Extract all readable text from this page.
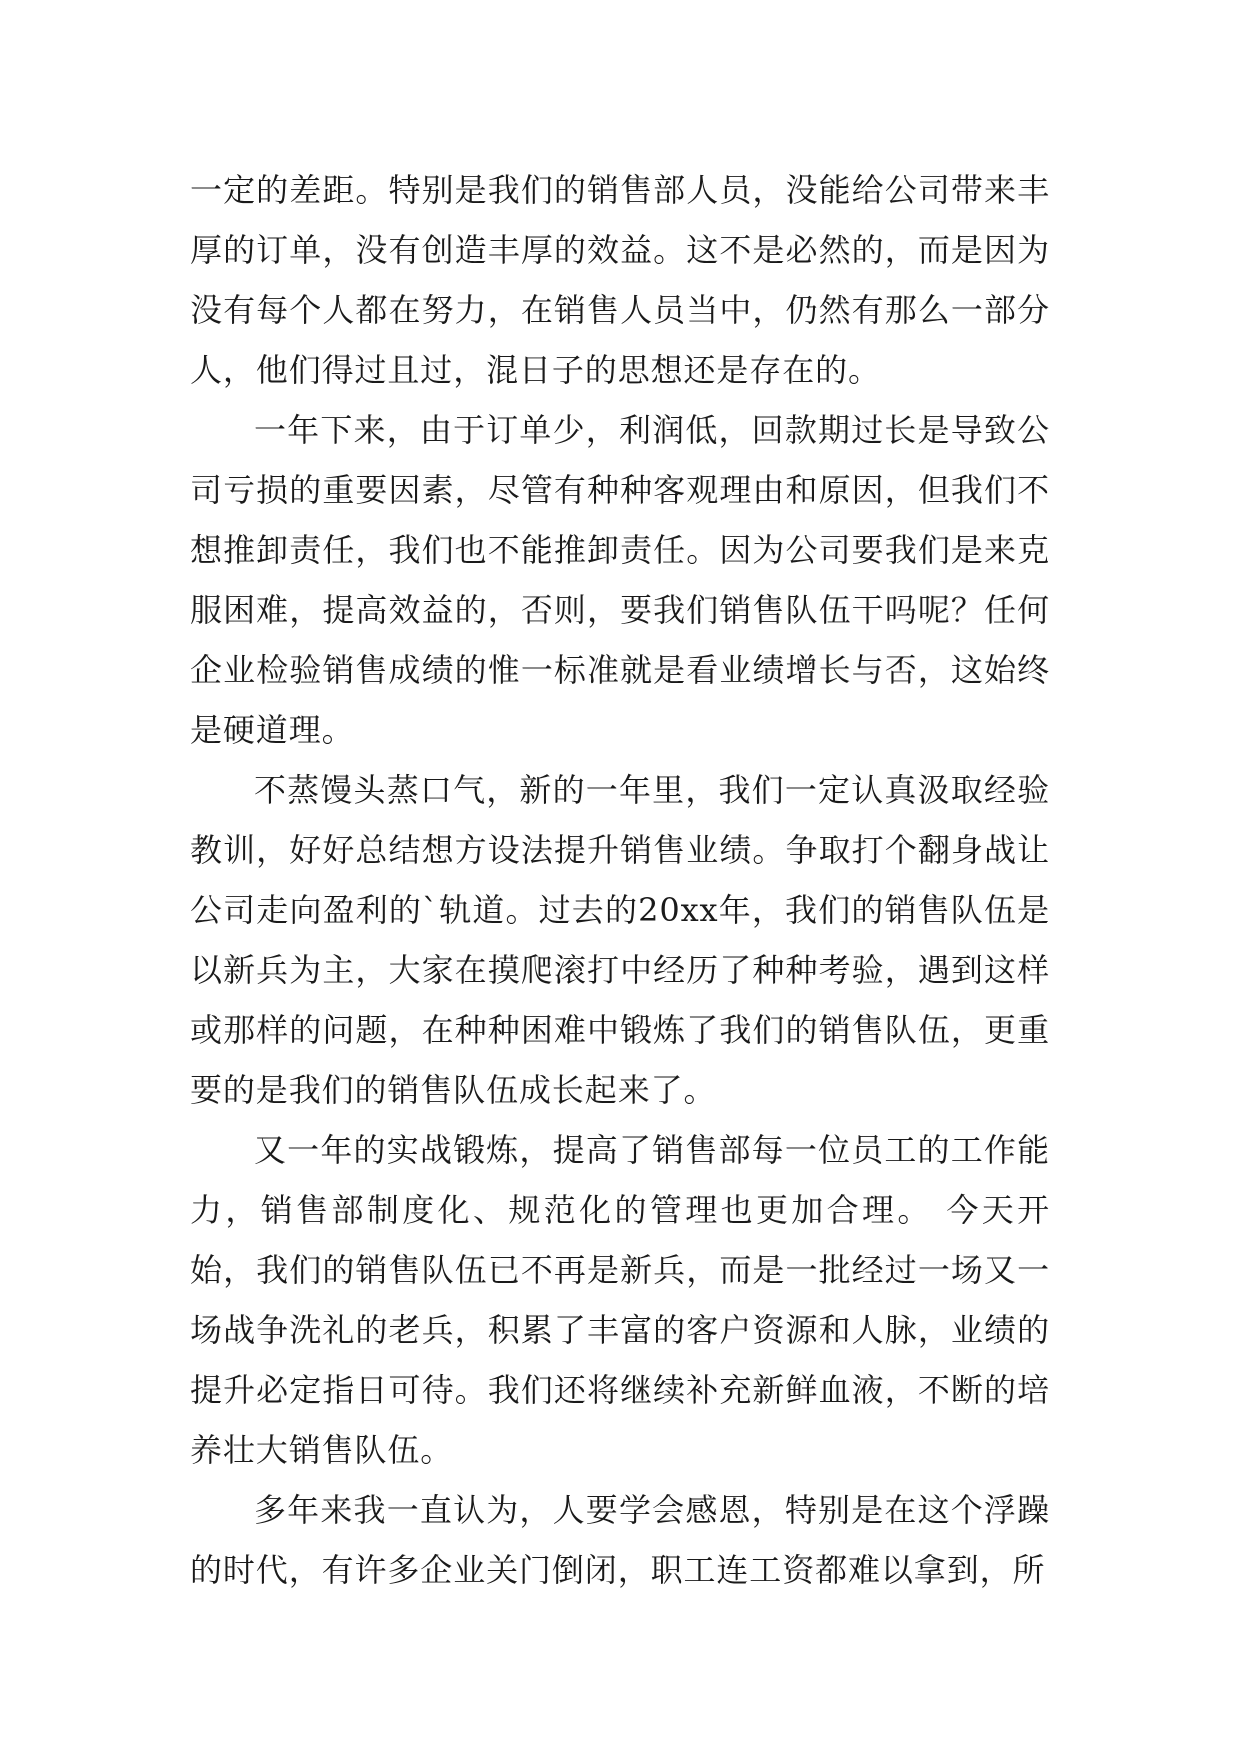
一定的差距。特别是我们的销售部人员，没能给公司带来丰厚的订单，没有创造丰厚的效益。这不是必然的，而是因为没有每个人都在努力，在销售人员当中，仍然有那么一部分人，他们得过且过，混日子的思想还是存在的。

一年下来，由于订单少，利润低，回款期过长是导致公司亏损的重要因素，尽管有种种客观理由和原因，但我们不想推卸责任，我们也不能推卸责任。因为公司要我们是来克服困难，提高效益的，否则，要我们销售队伍干吗呢？任何企业检验销售成绩的惟一标准就是看业绩增长与否，这始终是硬道理。

不蒸馒头蒸口气，新的一年里，我们一定认真汲取经验教训，好好总结想方设法提升销售业绩。争取打个翻身战让公司走向盈利的`轨道。过去的20xx年，我们的销售队伍是以新兵为主，大家在摸爬滚打中经历了种种考验，遇到这样或那样的问题，在种种困难中锻炼了我们的销售队伍，更重要的是我们的销售队伍成长起来了。

又一年的实战锻炼，提高了销售部每一位员工的工作能力，销售部制度化、规范化的管理也更加合理。 今天开始，我们的销售队伍已不再是新兵，而是一批经过一场又一场战争洗礼的老兵，积累了丰富的客户资源和人脉，业绩的提升必定指日可待。我们还将继续补充新鲜血液，不断的培养壮大销售队伍。

多年来我一直认为，人要学会感恩，特别是在这个浮躁的时代，有许多企业关门倒闭，职工连工资都难以拿到，所
